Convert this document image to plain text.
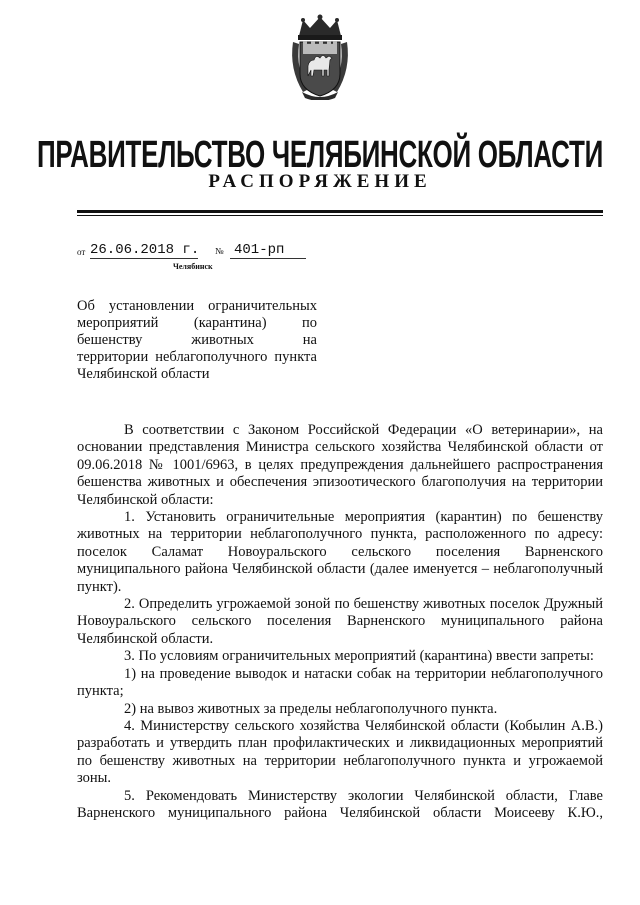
ПРАВИТЕЛЬСТВО ЧЕЛЯБИНСКОЙ ОБЛАСТИ
РАСПОРЯЖЕНИЕ
от 26.06.2018 г. № 401-рп
Челябинск
Об установлении ограничительных
мероприятий (карантина) по
бешенству животных на
территории неблагополучного пункта
Челябинской области

В соответствии с Законом Российской Федерации «О ветеринарии», на основании представления Министра сельского хозяйства Челябинской области от 09.06.2018 № 1001/6963, в целях предупреждения дальнейшего распространения бешенства животных и обеспечения эпизоотического благополучия на территории Челябинской области:

1. Установить ограничительные мероприятия (карантин) по бешенству животных на территории неблагополучного пункта, расположенного по адресу: поселок Саламат Новоуральского сельского поселения Варненского муниципального района Челябинской области (далее именуется – неблагополучный пункт).

2. Определить угрожаемой зоной по бешенству животных поселок Дружный Новоуральского сельского поселения Варненского муниципального района Челябинской области.

3. По условиям ограничительных мероприятий (карантина) ввести запреты:

1) на проведение выводок и натаски собак на территории неблагополучного пункта;

2) на вывоз животных за пределы неблагополучного пункта.

4. Министерству сельского хозяйства Челябинской области (Кобылин А.В.) разработать и утвердить план профилактических и ликвидационных мероприятий по бешенству животных на территории неблагополучного пункта и угрожаемой зоны.

5. Рекомендовать Министерству экологии Челябинской области, Главе Варненского муниципального района Челябинской области Моисееву К.Ю.,
